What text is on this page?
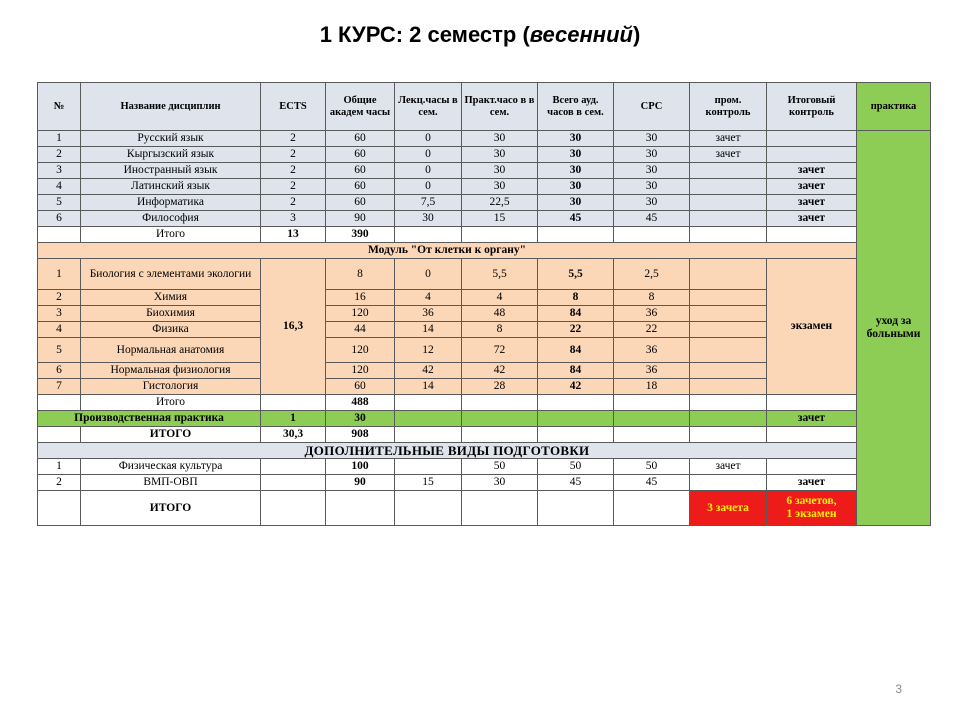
1 КУРС: 2 семестр (весенний)
№	Название дисциплин	ECTS	Общие академ часы	Лекц.часы в сем.	Практ.часо в в сем.	Всего ауд. часов в сем.	СРС	пром. контроль	Итоговый контроль	практика
1	Русский язык	2	60	0	30	30	30	зачет		уход за
больными

2	Кыргызский язык	2	60	0	30	30	30	зачет		
3	Иностранный язык	2	60	0	30	30	30		зачет	
4	Латинский язык	2	60	0	30	30	30		зачет	
5	Информатика	2	60	7,5	22,5	30	30		зачет	
6	Философия	3	90	30	15	45	45		зачет	
	Итого	13	390							
Модуль "От клетки к органу"										
1	Биология с элементами экологии	16,3	8	0	5,5	5,5	2,5		экзамен	
2	Химия		16	4	4	8	8			
3	Биохимия		120	36	48	84	36			
4	Физика		44	14	8	22	22			
5	Нормальная анатомия		120	12	72	84	36			
6	Нормальная физиология		120	42	42	84	36			
7	Гистология		60	14	28	42	18			
	Итого		488							
Производственная практика		1	30						зачет	
	ИТОГО	30,3	908							
ДОПОЛНИТЕЛЬНЫЕ ВИДЫ ПОДГОТОВКИ										
1	Физическая культура		100		50	50	50	зачет		
2	ВМП-ОВП		90	15	30	45	45		зачет	
	ИТОГО							3 зачета	6 зачетов,
1 экзамен	
3
